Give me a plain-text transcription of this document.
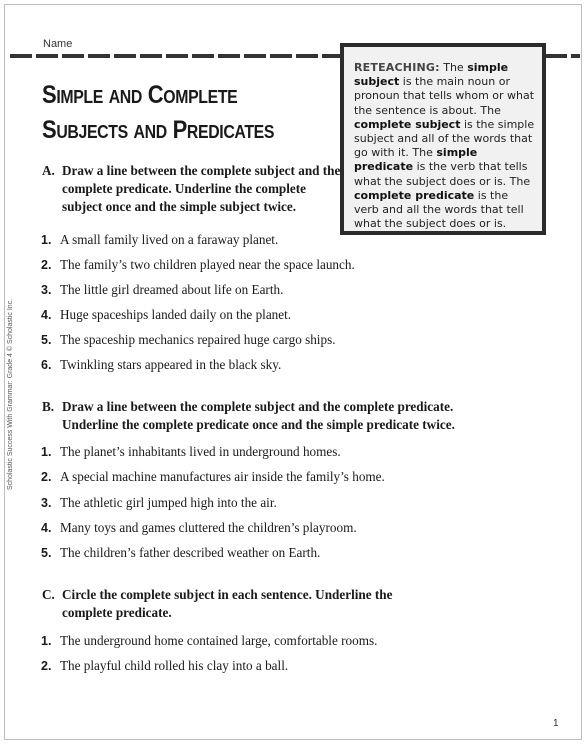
Name
Simple and Complete
Subjects and Predicates
RETEACHING: The simple subject is the main noun or pronoun that tells whom or what the sentence is about. The complete subject is the simple subject and all of the words that go with it. The simple predicate is the verb that tells what the subject does or is. The complete predicate is the verb and all the words that tell what the subject does or is.
A. Draw a line between the complete subject and the complete predicate. Underline the complete subject once and the simple subject twice.
1. A small family lived on a faraway planet.
2. The family’s two children played near the space launch.
3. The little girl dreamed about life on Earth.
4. Huge spaceships landed daily on the planet.
5. The spaceship mechanics repaired huge cargo ships.
6. Twinkling stars appeared in the black sky.
B. Draw a line between the complete subject and the complete predicate. Underline the complete predicate once and the simple predicate twice.
1. The planet’s inhabitants lived in underground homes.
2. A special machine manufactures air inside the family’s home.
3. The athletic girl jumped high into the air.
4. Many toys and games cluttered the children’s playroom.
5. The children’s father described weather on Earth.
C. Circle the complete subject in each sentence. Underline the complete predicate.
1. The underground home contained large, comfortable rooms.
2. The playful child rolled his clay into a ball.
Scholastic Success With Grammar: Grade 4 © Scholastic Inc.
1
